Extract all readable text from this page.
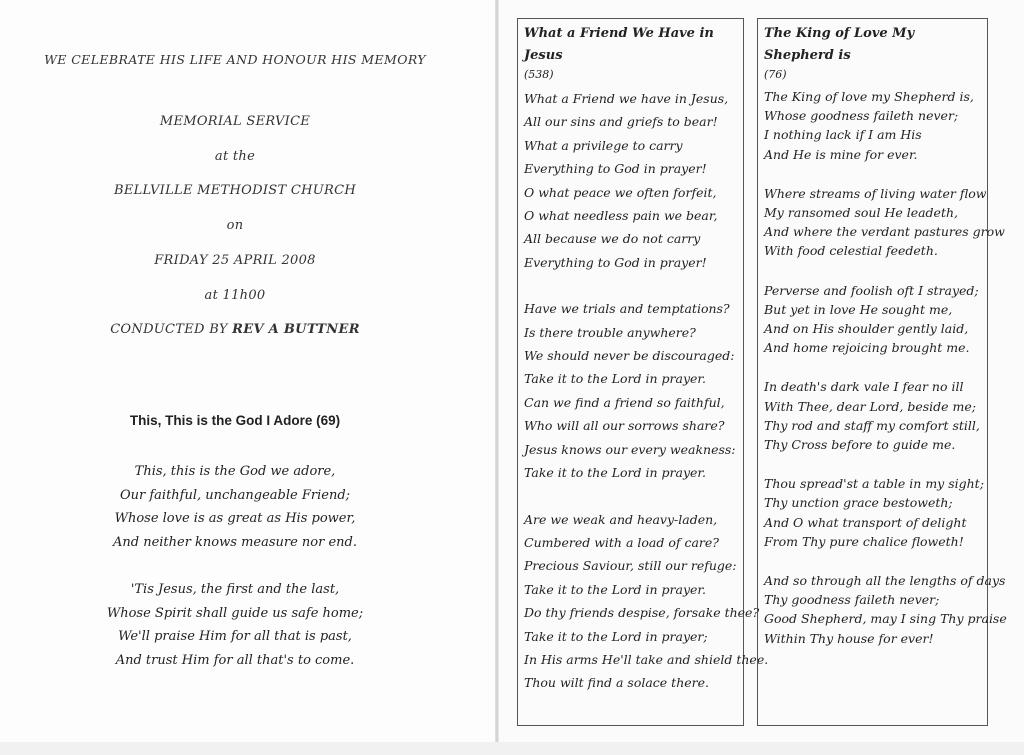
WE CELEBRATE HIS LIFE AND HONOUR HIS MEMORY
MEMORIAL SERVICE
at the
BELLVILLE METHODIST CHURCH
on
FRIDAY 25 APRIL 2008
at 11h00
CONDUCTED BY REV A BUTTNER
This, This is the God I Adore (69)

This, this is the God we adore,

Our faithful, unchangeable Friend;

Whose love is as great as His power,

And neither knows measure nor end.

'Tis Jesus, the first and the last,

Whose Spirit shall guide us safe home;

We'll praise Him for all that is past,

And trust Him for all that's to come.

What a Friend We Have in Jesus

(538)

What a Friend we have in Jesus,

All our sins and griefs to bear!

What a privilege to carry

Everything to God in prayer!

O what peace we often forfeit,

O what needless pain we bear,

All because we do not carry

Everything to God in prayer!

Have we trials and temptations?

Is there trouble anywhere?

We should never be discouraged:

Take it to the Lord in prayer.

Can we find a friend so faithful,

Who will all our sorrows share?

Jesus knows our every weakness:

Take it to the Lord in prayer.

Are we weak and heavy-laden,

Cumbered with a load of care?

Precious Saviour, still our refuge:

Take it to the Lord in prayer.

Do thy friends despise, forsake thee?

Take it to the Lord in prayer;

In His arms He'll take and shield thee.

Thou wilt find a solace there.

The King of Love My Shepherd is

(76)

The King of love my Shepherd is,

Whose goodness faileth never;

I nothing lack if I am His

And He is mine for ever.

Where streams of living water flow

My ransomed soul He leadeth,

And where the verdant pastures grow

With food celestial feedeth.

Perverse and foolish oft I strayed;

But yet in love He sought me,

And on His shoulder gently laid,

And home rejoicing brought me.

In death's dark vale I fear no ill

With Thee, dear Lord, beside me;

Thy rod and staff my comfort still,

Thy Cross before to guide me.

Thou spread'st a table in my sight;

Thy unction grace bestoweth;

And O what transport of delight

From Thy pure chalice floweth!

And so through all the lengths of days

Thy goodness faileth never;

Good Shepherd, may I sing Thy praise

Within Thy house for ever!
